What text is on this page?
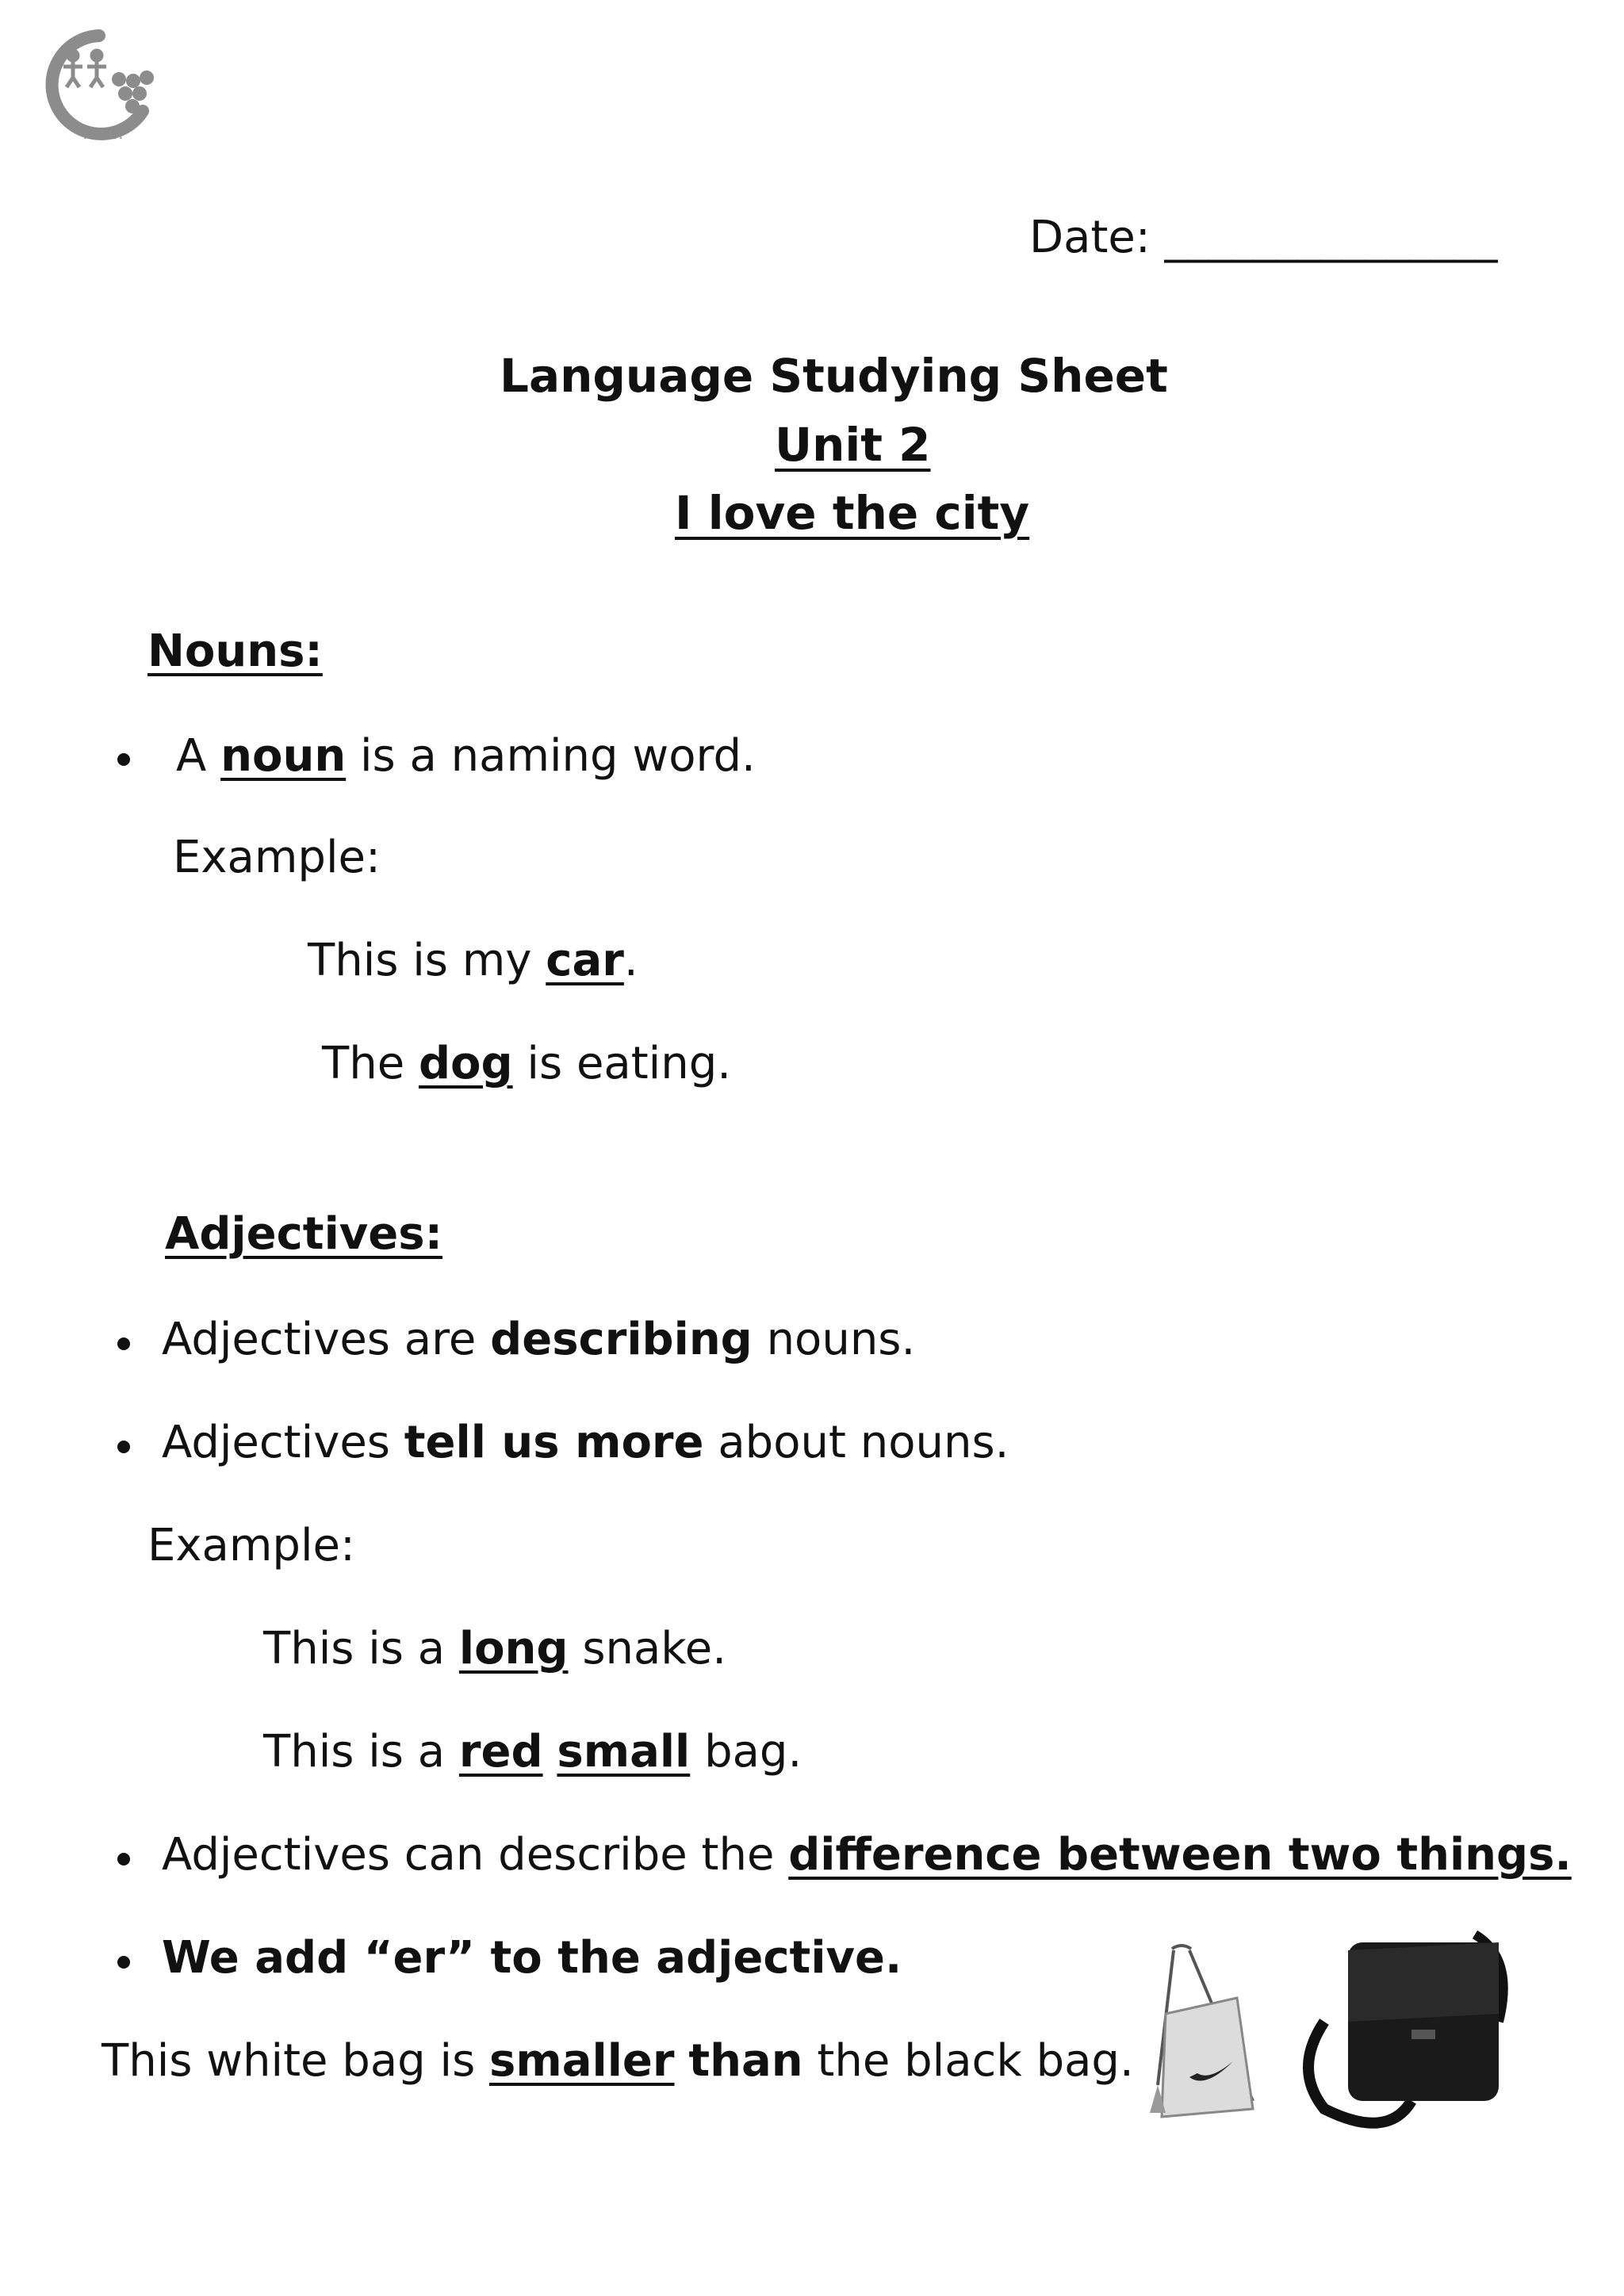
K.L.S.
Date: _______________
Language Studying Sheet
Unit 2
I love the city
Nouns:
A noun is a naming word.
Example:
This is my car.
The dog is eating.
Adjectives:
Adjectives are describing nouns.
Adjectives tell us more about nouns.
Example:
This is a long snake.
This is a red small bag.
Adjectives can describe the difference between two things.
We add “er” to the adjective.
This white bag is smaller than the black bag.
